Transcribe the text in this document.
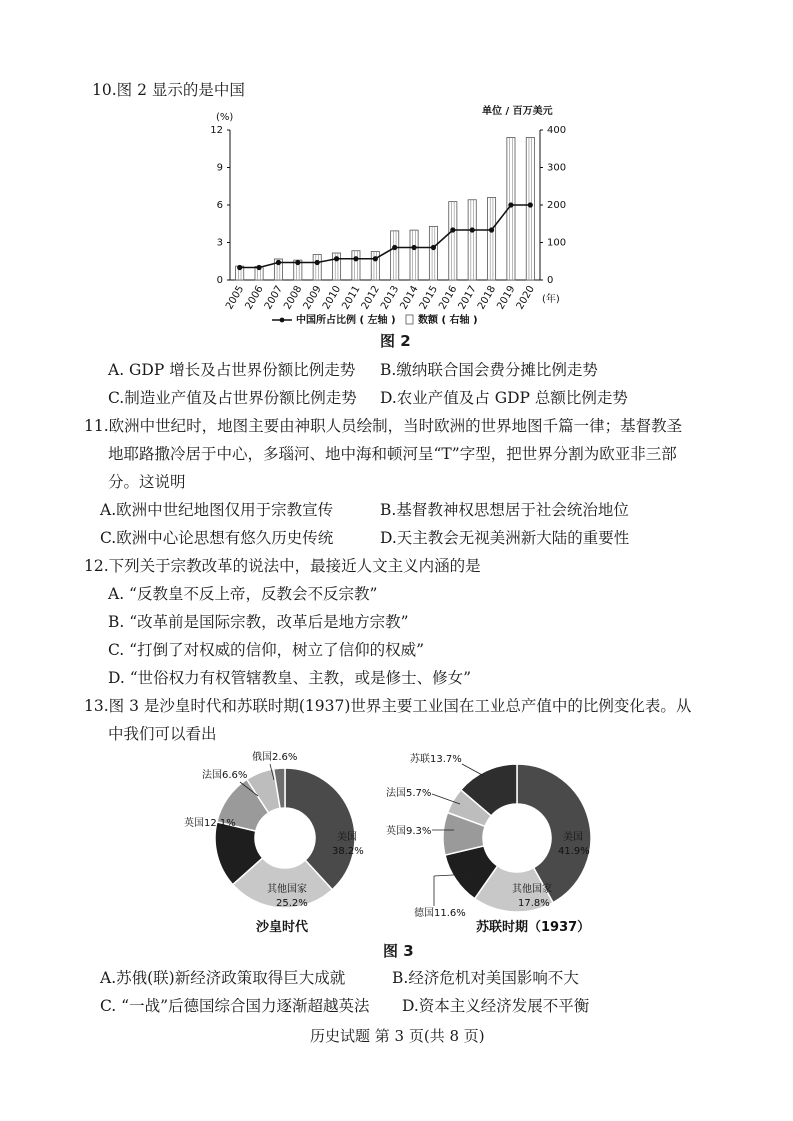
10.图 2 显示的是中国
0
3
6
9
12
0
100
200
300
400
(%)
单位 / 百万美元
2005
2006
2007
2008
2009
2010
2011
2012
2013
2014
2015
2016
2017
2018
2019
2020 (年)
中国所占比例 ( 左轴 ) 数额 ( 右轴 )
图 2
A. GDP 增长及占世界份额比例走势 B.缴纳联合国会费分摊比例走势
C.制造业产值及占世界份额比例走势 D.农业产值及占 GDP 总额比例走势
11.欧洲中世纪时，地图主要由神职人员绘制，当时欧洲的世界地图千篇一律；基督教圣
地耶路撒冷居于中心，多瑙河、地中海和顿河呈“T”字型，把世界分割为欧亚非三部
分。这说明
A.欧洲中世纪地图仅用于宗教宣传	B.基督教神权思想居于社会统治地位
C.欧洲中心论思想有悠久历史传统	D.天主教会无视美洲新大陆的重要性
12.下列关于宗教改革的说法中，最接近人文主义内涵的是
A. “反教皇不反上帝，反教会不反宗教”
B. “改革前是国际宗教，改革后是地方宗教”
C. “打倒了对权威的信仰，树立了信仰的权威”
D. “世俗权力有权管辖教皇、主教，或是修士、修女”
13.图 3 是沙皇时代和苏联时期(1937)世界主要工业国在工业总产值中的比例变化表。从
中我们可以看出
俄国2.6%
法国6.6%
英国12.1%
美国
38.2%
其他国家
25.2%
沙皇时代
苏联13.7%
法国5.7%
英国9.3%
德国11.6%
美国
41.9%
其他国家
17.8%
苏联时期（1937）
图 3
A.苏俄(联)新经济政策取得巨大成就	B.经济危机对美国影响不大
C. “一战”后德国综合国力逐渐超越英法 D.资本主义经济发展不平衡
历史试题 第 3 页(共 8 页)
